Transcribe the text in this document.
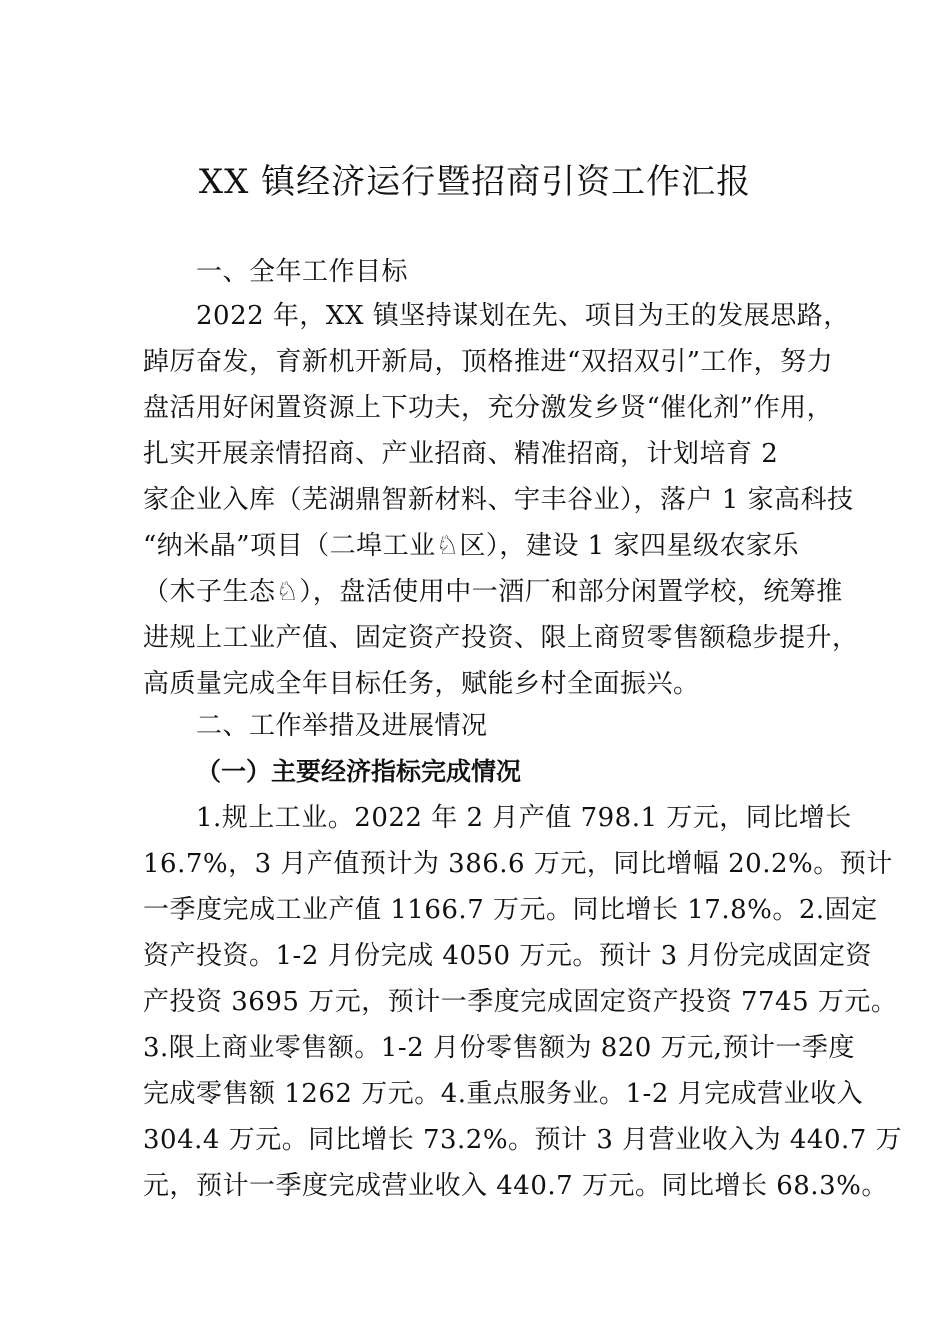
XX 镇经济运行暨招商引资工作汇报
一、全年工作目标
2022 年，XX 镇坚持谋划在先、项目为王的发展思路，
踔厉奋发，育新机开新局，顶格推进“双招双引”工作，努力
盘活用好闲置资源上下功夫，充分激发乡贤“催化剂”作用，
扎实开展亲情招商、产业招商、精准招商，计划培育 2
家企业入库（芜湖鼎智新材料、宇丰谷业），落户 1 家高科技
“纳米晶”项目（二埠工业♘区），建设 1 家四星级农家乐
（木子生态♘），盘活使用中一酒厂和部分闲置学校，统筹推
进规上工业产值、固定资产投资、限上商贸零售额稳步提升，
高质量完成全年目标任务，赋能乡村全面振兴。
二、工作举措及进展情况
（一）主要经济指标完成情况
1.规上工业。2022 年 2 月产值 798.1 万元，同比增长
16.7%，3 月产值预计为 386.6 万元，同比增幅 20.2%。预计
一季度完成工业产值 1166.7 万元。同比增长 17.8%。2.固定
资产投资。1-2 月份完成 4050 万元。预计 3 月份完成固定资
产投资 3695 万元，预计一季度完成固定资产投资 7745 万元。
3.限上商业零售额。1-2 月份零售额为 820 万元,预计一季度
完成零售额 1262 万元。4.重点服务业。1-2 月完成营业收入
304.4 万元。同比增长 73.2%。预计 3 月营业收入为 440.7 万
元，预计一季度完成营业收入 440.7 万元。同比增长 68.3%。
